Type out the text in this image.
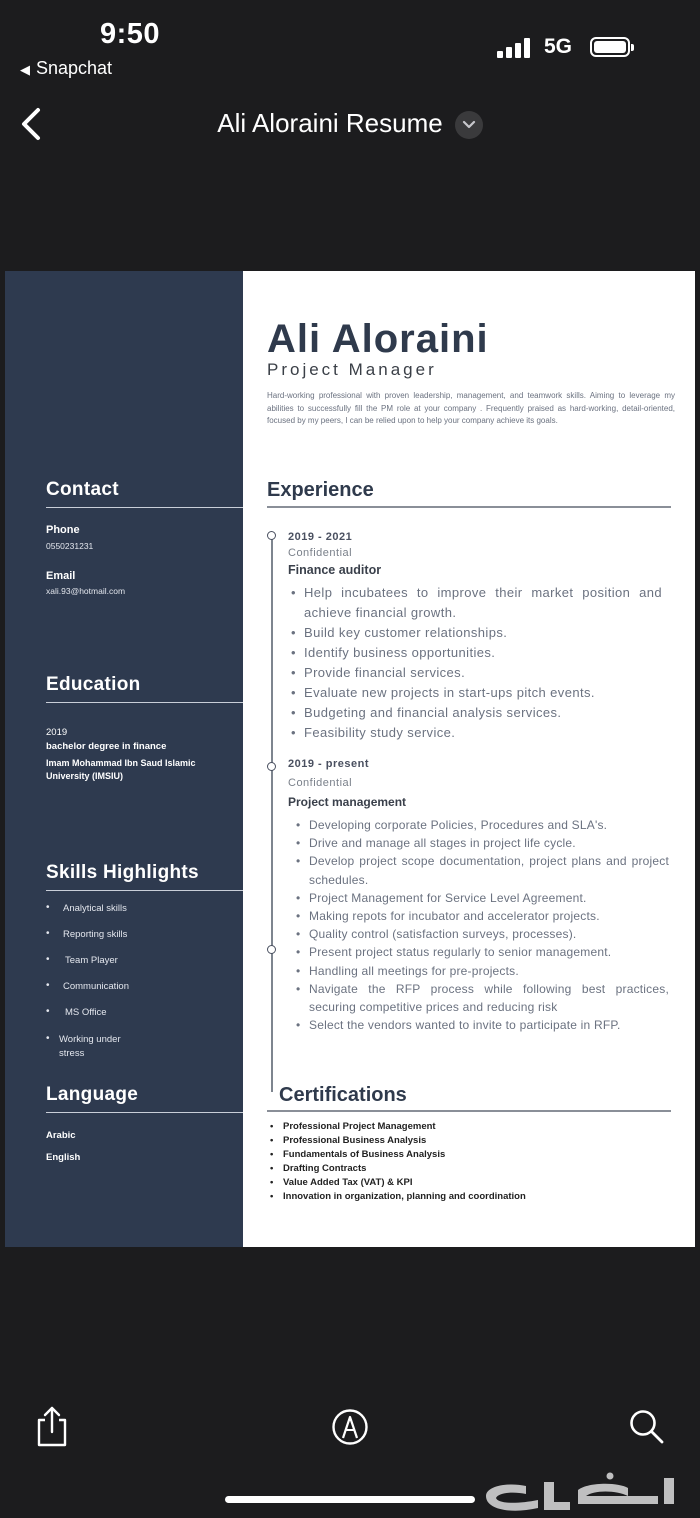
9:50
◀ Snapchat
5G
Ali Aloraini Resume
Contact
Phone
0550231231
Email
xali.93@hotmail.com
Education
2019
bachelor degree in finance
Imam Mohammad Ibn Saud Islamic University (IMSIU)
Skills Highlights
• Analytical skills
• Reporting skills
• Team Player
• Communication
• MS Office
• Working under stress
Language
Arabic
English
Ali Aloraini
Project Manager
Hard-working professional with proven leadership, management, and teamwork skills. Aiming to leverage my abilities to successfully fill the PM role at your company . Frequently praised as hard-working, detail-oriented, focused by my peers, I can be relied upon to help your company achieve its goals.
Experience
2019 - 2021
Confidential
Finance auditor
• Help incubatees to improve their market position and achieve financial growth.
• Build key customer relationships.
• Identify business opportunities.
• Provide financial services.
• Evaluate new projects in start-ups pitch events.
• Budgeting and financial analysis services.
• Feasibility study service.
2019 - present
Confidential
Project management
• Developing corporate Policies, Procedures and SLA's.
• Drive and manage all stages in project life cycle.
• Develop project scope documentation, project plans and project schedules.
• Project Management for Service Level Agreement.
• Making repots for incubator and accelerator projects.
• Quality control (satisfaction surveys, processes).
• Present project status regularly to senior management.
• Handling all meetings for pre-projects.
• Navigate the RFP process while following best practices, securing competitive prices and reducing risk
• Select the vendors wanted to invite to participate in RFP.
Certifications
• Professional Project Management
• Professional Business Analysis
• Fundamentals of Business Analysis
• Drafting Contracts
• Value Added Tax (VAT) & KPI
• Innovation in organization, planning and coordination
